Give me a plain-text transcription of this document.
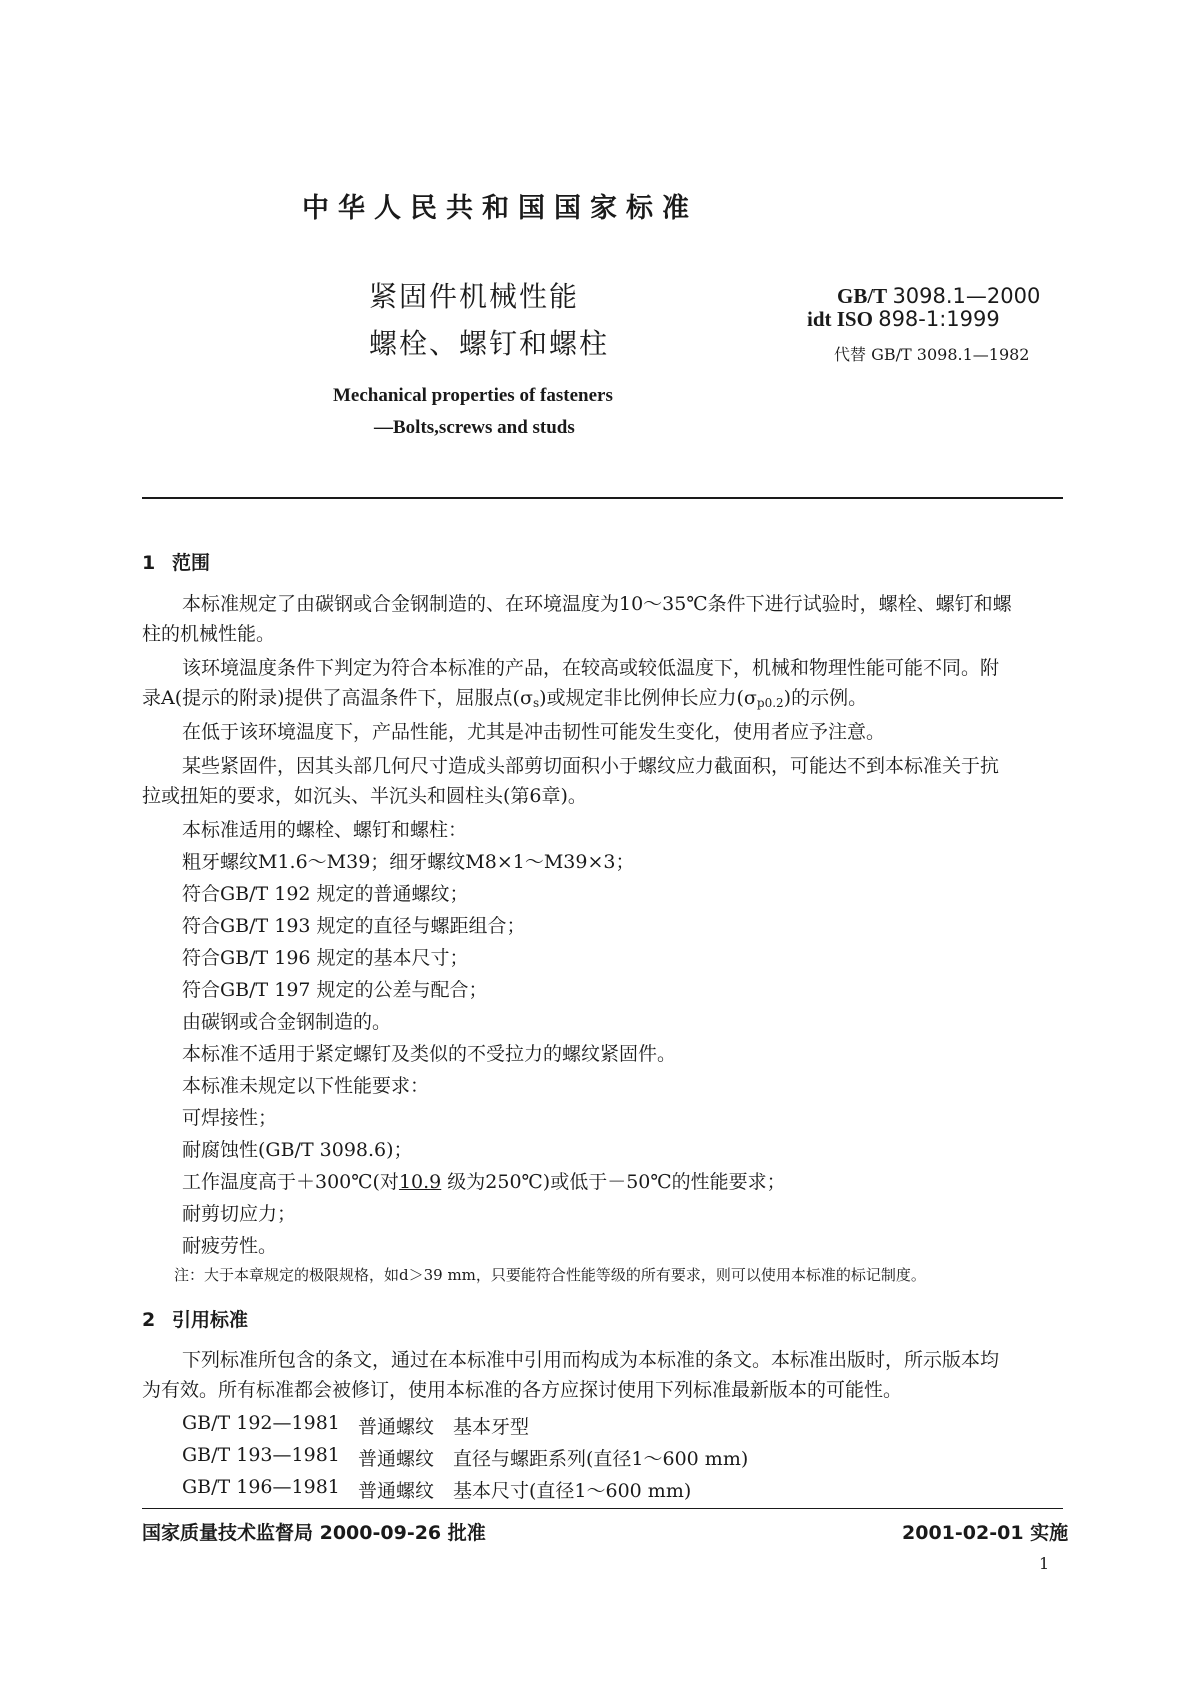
中华人民共和国国家标准
紧固件机械性能
螺栓、螺钉和螺柱
GB/T 3098.1—2000
idt ISO 898-1:1999
代替 GB/T 3098.1—1982
Mechanical properties of fasteners
—Bolts,screws and studs
1 范围
本标准规定了由碳钢或合金钢制造的、在环境温度为10～35℃条件下进行试验时，螺栓、螺钉和螺
柱的机械性能。
该环境温度条件下判定为符合本标准的产品，在较高或较低温度下，机械和物理性能可能不同。附
录A(提示的附录)提供了高温条件下，屈服点$(\sigma_s)$或规定非比例伸长应力$(\sigma_{p0.2})$的示例。
在低于该环境温度下，产品性能，尤其是冲击韧性可能发生变化，使用者应予注意。
某些紧固件，因其头部几何尺寸造成头部剪切面积小于螺纹应力截面积，可能达不到本标准关于抗
拉或扭矩的要求，如沉头、半沉头和圆柱头(第6章)。
本标准适用的螺栓、螺钉和螺柱：
粗牙螺纹M1.6～M39；细牙螺纹M8×1～M39×3；
符合GB/T 192 规定的普通螺纹；
符合GB/T 193 规定的直径与螺距组合；
符合GB/T 196 规定的基本尺寸；
符合GB/T 197 规定的公差与配合；
由碳钢或合金钢制造的。
本标准不适用于紧定螺钉及类似的不受拉力的螺纹紧固件。
本标准未规定以下性能要求：
可焊接性；
耐腐蚀性(GB/T 3098.6)；
工作温度高于＋300℃(对10.9 级为250℃)或低于－50℃的性能要求；
耐剪切应力；
耐疲劳性。
注：大于本章规定的极限规格，如d＞39 mm，只要能符合性能等级的所有要求，则可以使用本标准的标记制度。
2 引用标准
下列标准所包含的条文，通过在本标准中引用而构成为本标准的条文。本标准出版时，所示版本均
为有效。所有标准都会被修订，使用本标准的各方应探讨使用下列标准最新版本的可能性。
GB/T 192—1981 普通螺纹　基本牙型
GB/T 193—1981 普通螺纹　直径与螺距系列(直径1～600 mm)
GB/T 196—1981 普通螺纹　基本尺寸(直径1～600 mm)
国家质量技术监督局 2000-09-26 批准	2001-02-01 实施
1
